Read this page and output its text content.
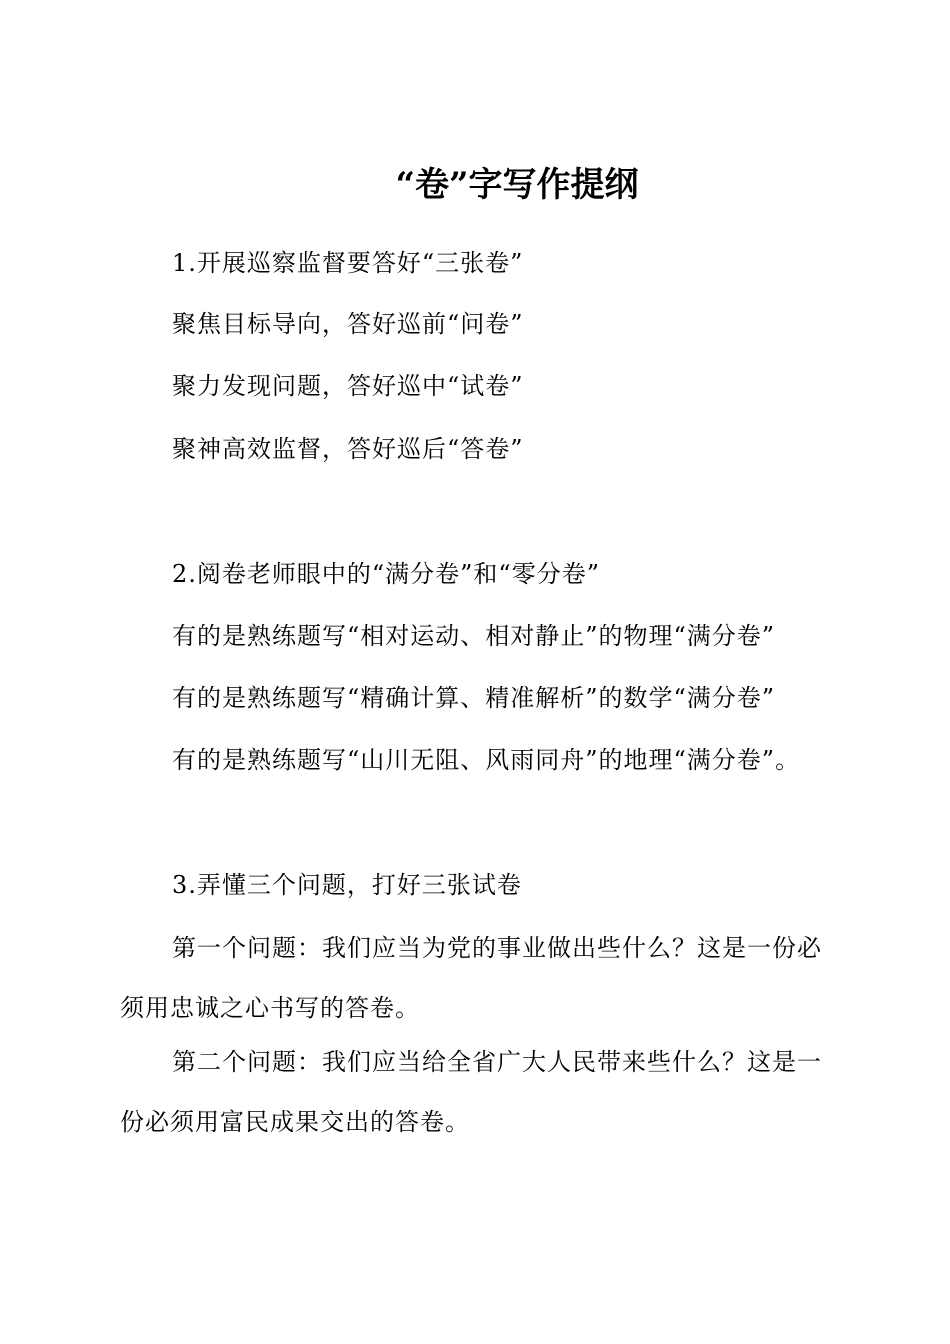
“卷”字写作提纲

1.开展巡察监督要答好“三张卷”

聚焦目标导向，答好巡前“问卷”

聚力发现问题，答好巡中“试卷”

聚神高效监督，答好巡后“答卷”

2.阅卷老师眼中的“满分卷”和“零分卷”

有的是熟练题写“相对运动、相对静止”的物理“满分卷”

有的是熟练题写“精确计算、精准解析”的数学“满分卷”

有的是熟练题写“山川无阻、风雨同舟”的地理“满分卷”。

3.弄懂三个问题，打好三张试卷

第一个问题：我们应当为党的事业做出些什么？这是一份必须用忠诚之心书写的答卷。

第二个问题：我们应当给全省广大人民带来些什么？这是一份必须用富民成果交出的答卷。
